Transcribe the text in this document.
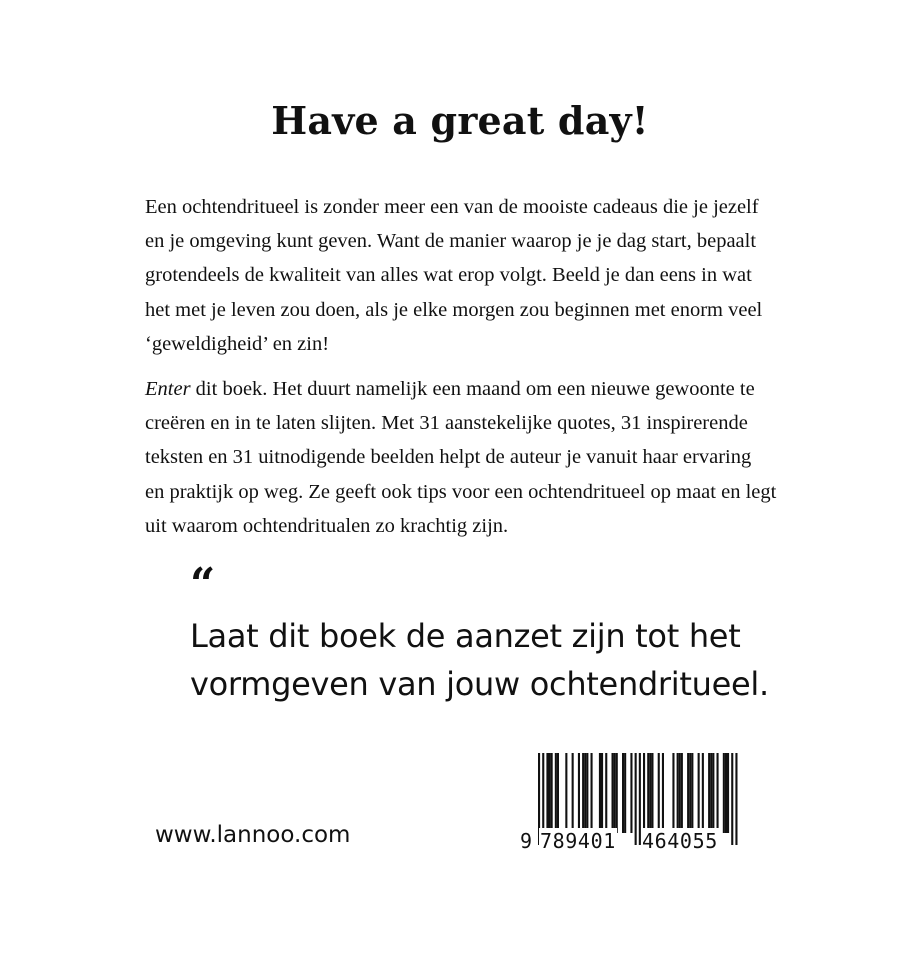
Have a great day!

Een ochtendritueel is zonder meer een van de mooiste cadeaus die je jezelf
en je omgeving kunt geven. Want de manier waarop je je dag start, bepaalt
grotendeels de kwaliteit van alles wat erop volgt. Beeld je dan eens in wat
het met je leven zou doen, als je elke morgen zou beginnen met enorm veel
‘geweldigheid’ en zin!

Enter dit boek. Het duurt namelijk een maand om een nieuwe gewoonte te
creëren en in te laten slijten. Met 31 aanstekelijke quotes, 31 inspirerende
teksten en 31 uitnodigende beelden helpt de auteur je vanuit haar ervaring
en praktijk op weg. Ze geeft ook tips voor een ochtendritueel op maat en legt
uit waarom ochtendritualen zo krachtig zijn.

“

Laat dit boek de aanzet zijn tot het
vormgeven van jouw ochtendritueel.

www.lannoo.com

	9

789401

464055
